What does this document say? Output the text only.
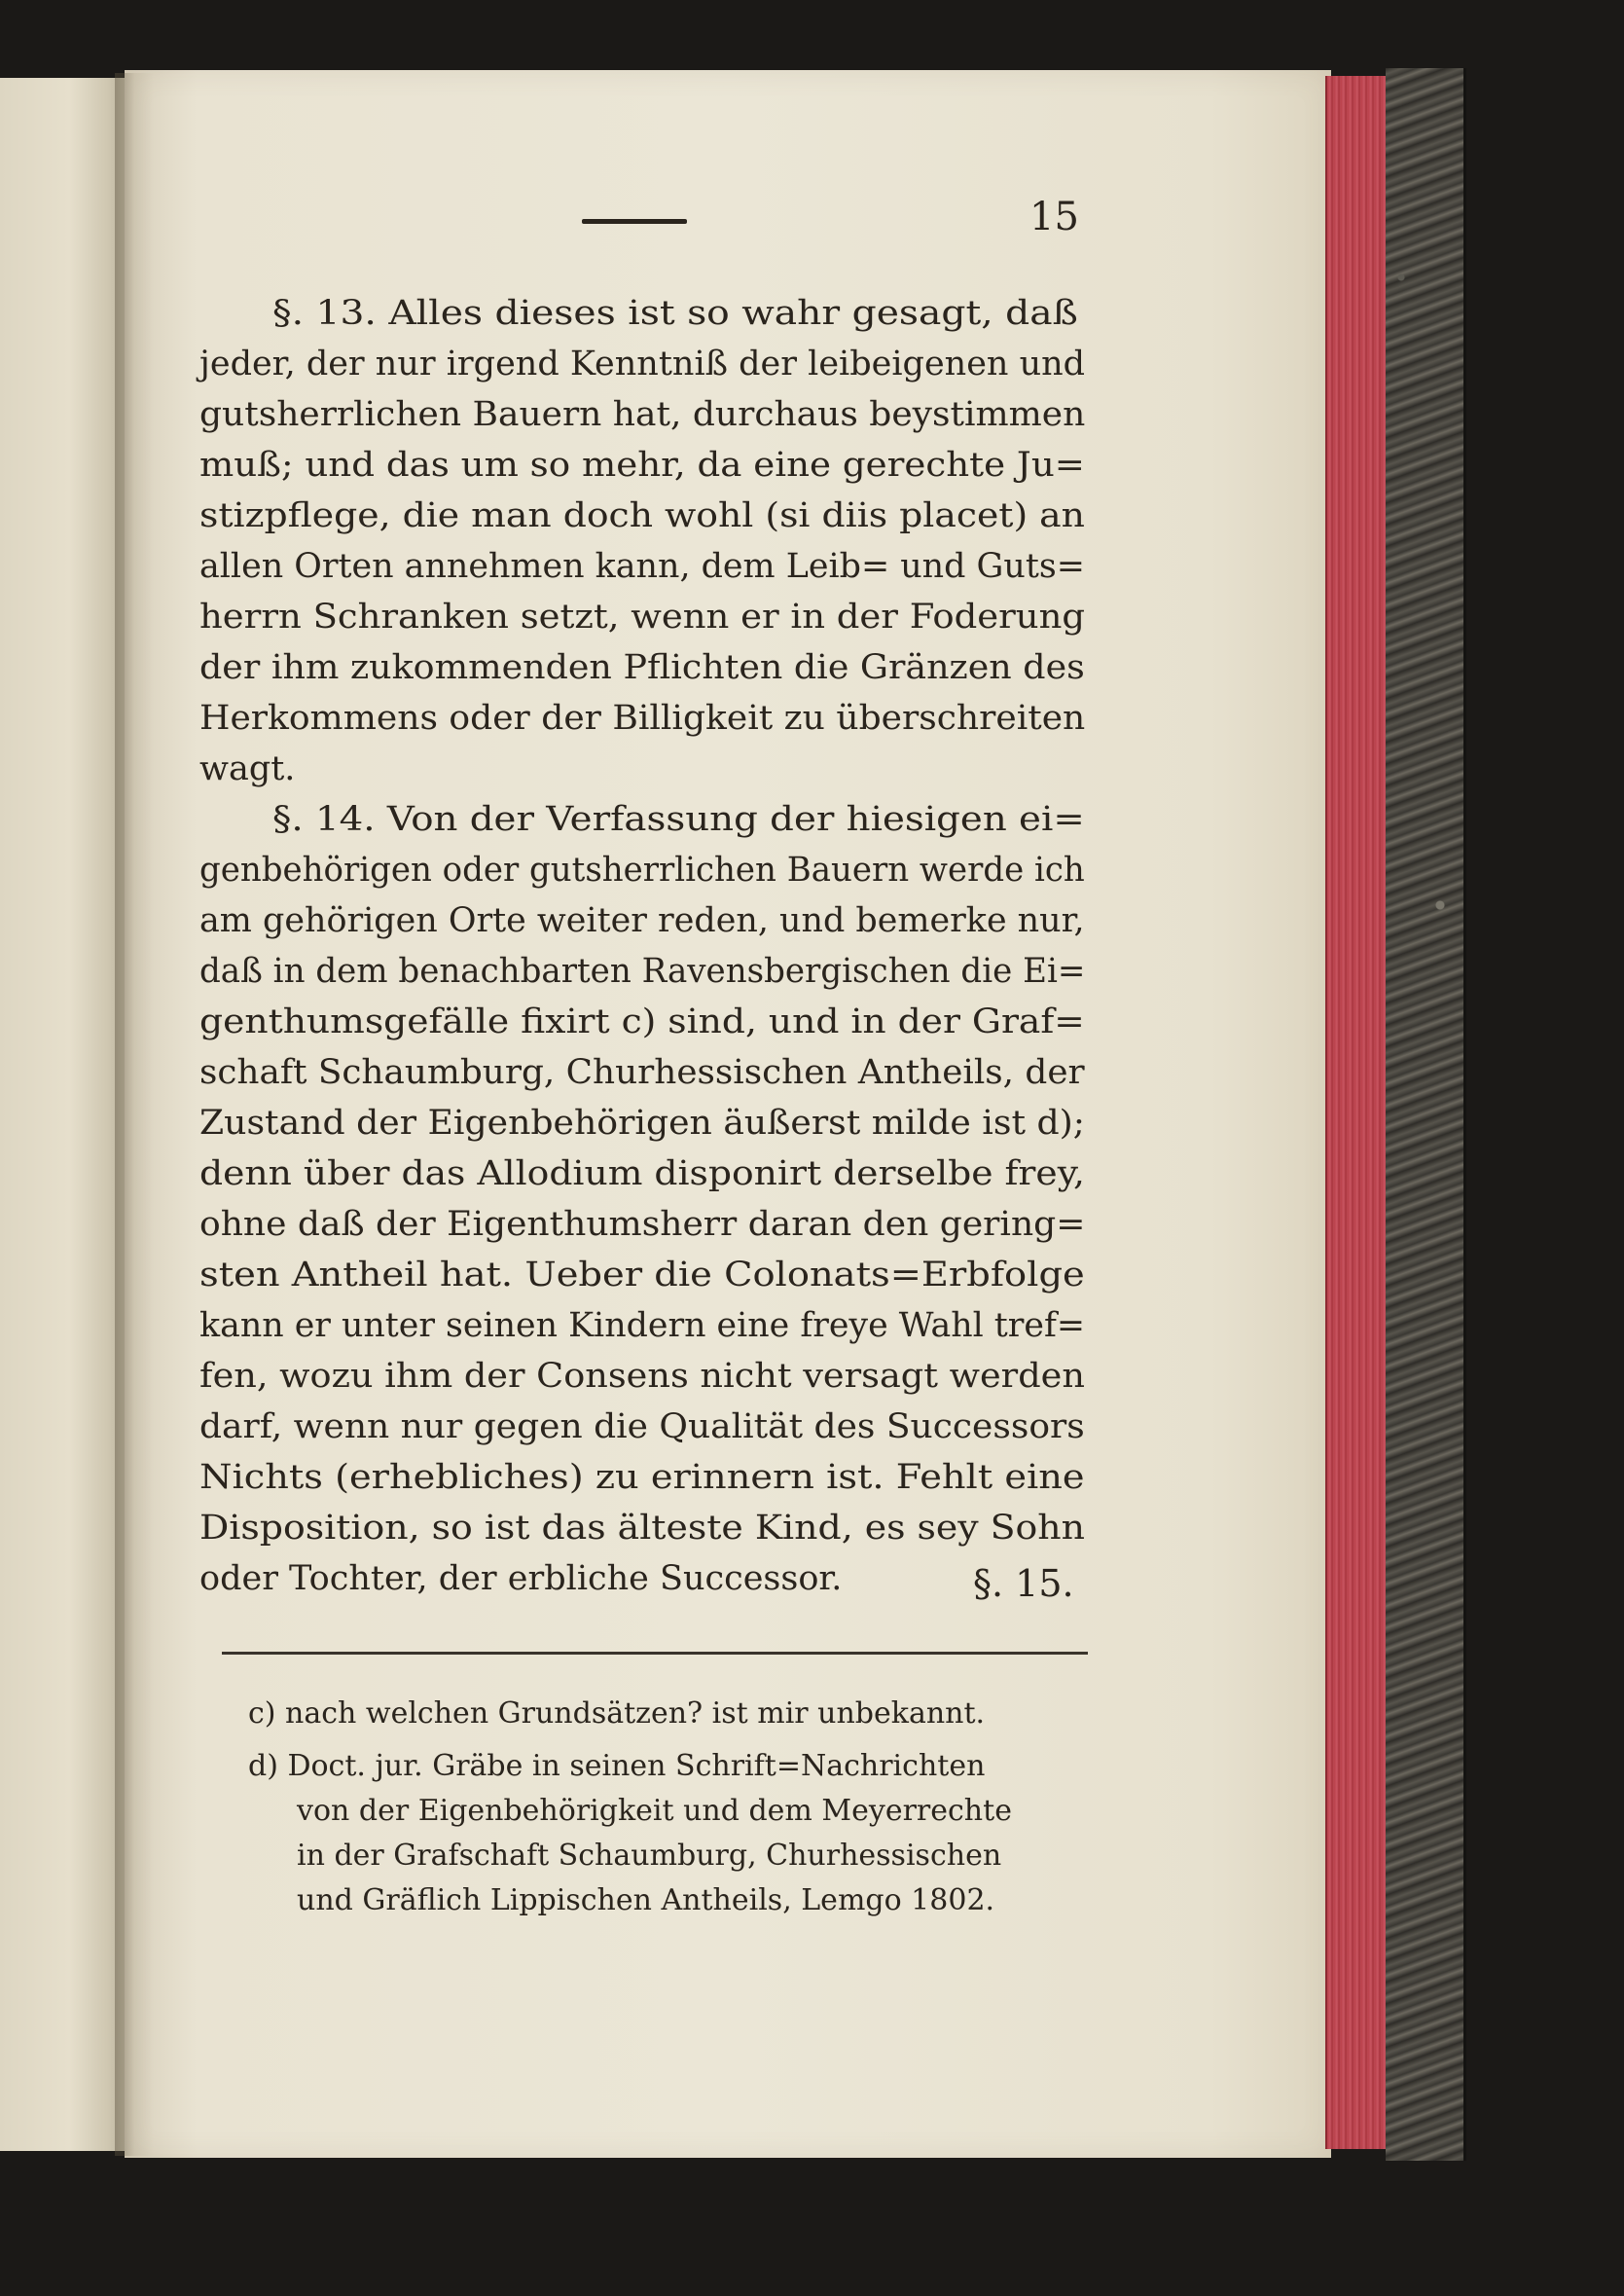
15

§. 13. Alles dieses ist so wahr gesagt, daß
jeder, der nur irgend Kenntniß der leibeigenen und
gutsherrlichen Bauern hat, durchaus beystimmen
muß; und das um so mehr, da eine gerechte Ju=
stizpflege, die man doch wohl (si diis placet) an
allen Orten annehmen kann, dem Leib= und Guts=
herrn Schranken setzt, wenn er in der Foderung
der ihm zukommenden Pflichten die Gränzen des
Herkommens oder der Billigkeit zu überschreiten
wagt.
§. 14. Von der Verfassung der hiesigen ei=
genbehörigen oder gutsherrlichen Bauern werde ich
am gehörigen Orte weiter reden, und bemerke nur,
daß in dem benachbarten Ravensbergischen die Ei=
genthumsgefälle fixirt c) sind, und in der Graf=
schaft Schaumburg, Churhessischen Antheils, der
Zustand der Eigenbehörigen äußerst milde ist d);
denn über das Allodium disponirt derselbe frey,
ohne daß der Eigenthumsherr daran den gering=
sten Antheil hat. Ueber die Colonats=Erbfolge
kann er unter seinen Kindern eine freye Wahl tref=
fen, wozu ihm der Consens nicht versagt werden
darf, wenn nur gegen die Qualität des Successors
Nichts (erhebliches) zu erinnern ist. Fehlt eine
Disposition, so ist das älteste Kind, es sey Sohn
oder Tochter, der erbliche Successor.	§. 15.

c) nach welchen Grundsätzen? ist mir unbekannt.
d) Doct. jur. Gräbe in seinen Schrift=Nachrichten
von der Eigenbehörigkeit und dem Meyerrechte
in der Grafschaft Schaumburg, Churhessischen
und Gräflich Lippischen Antheils, Lemgo 1802.
